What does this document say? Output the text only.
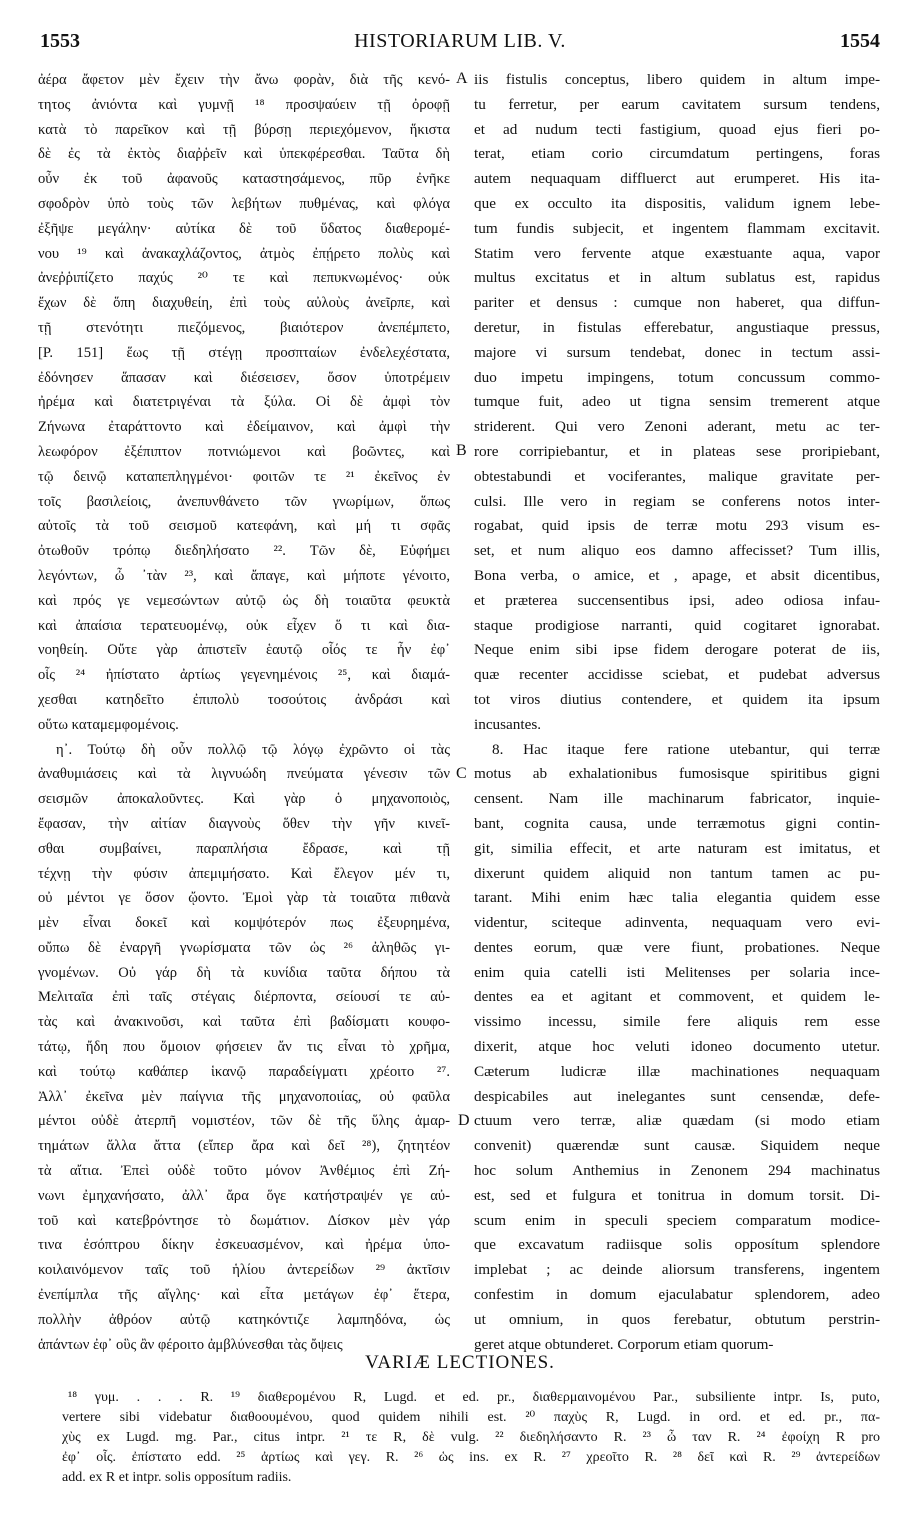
1553	HISTORIARUM LIB. V.	1554
ἀέρα ἄφετον μὲν ἔχειν τὴν ἄνω φορὰν, διὰ τῆς κενό-
τητος ἀνιόντα καὶ γυμνῇ ¹⁸ προσψαύειν τῇ ὀροφῇ
κατὰ τὸ παρεῖκον καὶ τῇ βύρσῃ περιεχόμενον, ἥκιστα
δὲ ἐς τὰ ἐκτὸς διαῤῥεῖν καὶ ὑπεκφέρεσθαι. Ταῦτα δὴ
οὖν ἐκ τοῦ ἀφανοῦς καταστησάμενος, πῦρ ἐνῆκε
σφοδρὸν ὑπὸ τοὺς τῶν λεβήτων πυθμένας, καὶ φλόγα
ἐξῆψε μεγάλην· αὐτίκα δὲ τοῦ ὕδατος διαθερομέ-
νου ¹⁹ καὶ ἀνακαχλάζοντος, ἀτμὸς ἐπῄρετο πολὺς καὶ
ἀνεῤῥιπίζετο παχύς ²⁰ τε καὶ πεπυκνωμένος· οὐκ
ἔχων δὲ ὅπη διαχυθείη, ἐπὶ τοὺς αὐλοὺς ἀνεῖρπε, καὶ
τῇ στενότητι πιεζόμενος, βιαιότερον ἀνεπέμπετο,
[P. 151] ἕως τῇ στέγῃ προσπταίων ἐνδελεχέστατα,
ἐδόνησεν ἅπασαν καὶ διέσεισεν, ὅσον ὑποτρέμειν
ἠρέμα καὶ διατετριγέναι τὰ ξύλα. Οἱ δὲ ἀμφὶ τὸν
Ζήνωνα ἐταράττοντο καὶ ἐδείμαινον, καὶ ἀμφὶ τὴν
λεωφόρον ἐξέπιπτον ποτνιώμενοι καὶ βοῶντες, καὶ
τῷ δεινῷ καταπεπληγμένοι· φοιτῶν τε ²¹ ἐκεῖνος ἐν
τοῖς βασιλείοις, ἀνεπυνθάνετο τῶν γνωρίμων, ὅπως
αὐτοῖς τὰ τοῦ σεισμοῦ κατεφάνη, καὶ μή τι σφᾶς
ὀτωθοῦν τρόπῳ διεδηλήσατο ²². Τῶν δὲ, Εὐφήμει
λεγόντων, ὦ ᾽τὰν ²³, καὶ ἄπαγε, καὶ μήποτε γένοιτο,
καὶ πρός γε νεμεσώντων αὐτῷ ὡς δὴ τοιαῦτα φευκτὰ
καὶ ἀπαίσια τερατευομένῳ, οὐκ εἶχεν ὅ τι καὶ δια-
νοηθείη. Οὔτε γὰρ ἀπιστεῖν ἑαυτῷ οἷός τε ἦν ἐφ᾽
οἷς ²⁴ ἠπίστατο ἀρτίως γεγενημένοις ²⁵, καὶ διαμά-
χεσθαι κατηδεῖτο ἐπιπολὺ τοσούτοις ἀνδράσι καὶ
οὕτω καταμεμφομένοις.
η᾽. Τούτῳ δὴ οὖν πολλῷ τῷ λόγῳ ἐχρῶντο οἱ τὰς
ἀναθυμιάσεις καὶ τὰ λιγνυώδη πνεύματα γένεσιν τῶν
σεισμῶν ἀποκαλοῦντες. Καὶ γὰρ ὁ μηχανοποιὸς,
ἔφασαν, τὴν αἰτίαν διαγνοὺς ὅθεν τὴν γῆν κινεῖ-
σθαι συμβαίνει, παραπλήσια ἔδρασε, καὶ τῇ
τέχνῃ τὴν φύσιν ἀπεμιμήσατο. Καὶ ἔλεγον μέν τι,
οὐ μέντοι γε ὅσον ᾤοντο. Ἐμοὶ γὰρ τὰ τοιαῦτα πιθανὰ
μὲν εἶναι δοκεῖ καὶ κομψότερόν πως ἐξευρημένα,
οὔπω δὲ ἐναργῆ γνωρίσματα τῶν ὡς ²⁶ ἀληθῶς γι-
γνομένων. Οὐ γάρ δὴ τὰ κυνίδια ταῦτα δήπου τὰ
Μελιταῖα ἐπὶ ταῖς στέγαις διέρποντα, σείουσί τε αὐ-
τὰς καὶ ἀνακινοῦσι, καὶ ταῦτα ἐπὶ βαδίσματι κουφο-
τάτῳ, ἤδη που ὅμοιον φήσειεν ἄν τις εἶναι τὸ χρῆμα,
καὶ τούτῳ καθάπερ ἱκανῷ παραδείγματι χρέοιτο ²⁷.
Ἀλλ᾽ ἐκεῖνα μὲν παίγνια τῆς μηχανοποιίας, οὐ φαῦλα
μέντοι οὐδὲ ἀτερπῆ νομιστέον, τῶν δὲ τῆς ὕλης ἁμαρ-
τημάτων ἄλλα ἄττα (εἴπερ ἄρα καὶ δεῖ ²⁸), ζητητέον
τὰ αἴτια. Ἐπεὶ οὐδὲ τοῦτο μόνον Ἀνθέμιος ἐπὶ Ζή-
νωνι ἐμηχανήσατο, ἀλλ᾽ ἄρα ὅγε κατήστραψέν γε αὐ-
τοῦ καὶ κατεβρόντησε τὸ δωμάτιον. Δίσκον μὲν γάρ
τινα ἐσόπτρου δίκην ἐσκευασμένον, καὶ ἠρέμα ὑπο-
κοιλαινόμενον ταῖς τοῦ ἡλίου ἀντερείδων ²⁹ ἀκτῖσιν
ἐνεπίμπλα τῆς αἴγλης· καὶ εἶτα μετάγων ἐφ᾽ ἕτερα,
πολλὴν ἀθρόον αὐτῷ κατηκόντιζε λαμπηδόνα, ὡς
ἁπάντων ἐφ᾽ οὓς ἂν φέροιτο ἀμβλύνεσθαι τὰς ὄψεις
iis fistulis conceptus, libero quidem in altum impe-
tu ferretur, per earum cavitatem sursum tendens,
et ad nudum tecti fastigium, quoad ejus fieri po-
terat, etiam corio circumdatum pertingens, foras
autem nequaquam diffluerct aut erumperet. His ita-
que ex occulto ita dispositis, validum ignem lebe-
tum fundis subjecit, et ingentem flammam excitavit.
Statim vero fervente atque exæstuante aqua, vapor
multus excitatus et in altum sublatus est, rapidus
pariter et densus : cumque non haberet, qua diffun-
deretur, in fistulas efferebatur, angustiaque pressus,
majore vi sursum tendebat, donec in tectum assi-
duo impetu impingens, totum concussum commo-
tumque fuit, adeo ut tigna sensim tremerent atque
striderent. Qui vero Zenoni aderant, metu ac ter-
rore corripiebantur, et in plateas sese proripiebant,
obtestabundi et vociferantes, malique gravitate per-
culsi. Ille vero in regiam se conferens notos inter-
rogabat, quid ipsis de terræ motu 293 visum es-
set, et num aliquo eos damno affecisset? Tum illis,
Bona verba, o amice, et , apage, et absit dicentibus,
et præterea succensentibus ipsi, adeo odiosa infau-
staque prodigiose narranti, quid cogitaret ignorabat.
Neque enim sibi ipse fidem derogare poterat de iis,
quæ recenter accidisse sciebat, et pudebat adversus
tot viros diutius contendere, et quidem ita ipsum
incusantes.
8. Hac itaque fere ratione utebantur, qui terræ
motus ab exhalationibus fumosisque spiritibus gigni
censent. Nam ille machinarum fabricator, inquie-
bant, cognita causa, unde terræmotus gigni contin-
git, similia effecit, et arte naturam est imitatus, et
dixerunt quidem aliquid non tantum tamen ac pu-
tarant. Mihi enim hæc talia elegantia quidem esse
videntur, sciteque adinventa, nequaquam vero evi-
dentes eorum, quæ vere fiunt, probationes. Neque
enim quia catelli isti Melitenses per solaria ince-
dentes ea et agitant et commovent, et quidem le-
vissimo incessu, simile fere aliquis rem esse
dixerit, atque hoc veluti idoneo documento utetur.
Cæterum ludicræ illæ machinationes nequaquam
despicabiles aut inelegantes sunt censendæ, defe-
ctuum vero terræ, aliæ quædam (si modo etiam
convenit) quærendæ sunt causæ. Siquidem neque
hoc solum Anthemius in Zenonem 294 machinatus
est, sed et fulgura et tonitrua in domum torsit. Di-
scum enim in speculi speciem comparatum modice-
que excavatum radiisque solis opposítum splendore
implebat ; ac deinde aliorsum transferens, ingentem
confestim in domum ejaculabatur splendorem, adeo
ut omnium, in quos ferebatur, obtutum perstrin-
geret atque obtunderet. Corporum etiam quorum-
A
B
C
D
VARIÆ LECTIONES.
¹⁸ γυμ. . . . R. ¹⁹ διαθερομένου R, Lugd. et ed. pr., διαθερμαινομένου Par., subsiliente intpr. Is, puto,
vertere sibi videbatur διαθοουμένου, quod quidem nihili est. ²⁰ παχὺς R, Lugd. in ord. et ed. pr., πα-
χὺς ex Lugd. mg. Par., citus intpr. ²¹ τε R, δὲ vulg. ²² διεδηλήσαντο R. ²³ ὦ ταν R. ²⁴ ἐφοίχη R pro
ἐφ᾽ οἷς. ἐπίστατο edd. ²⁵ ἀρτίως καὶ γεγ. R. ²⁶ ὡς ins. ex R. ²⁷ χρεοῖτο R. ²⁸ δεῖ καὶ R. ²⁹ ἀντερείδων
add. ex R et intpr. solis opposítum radiis.
